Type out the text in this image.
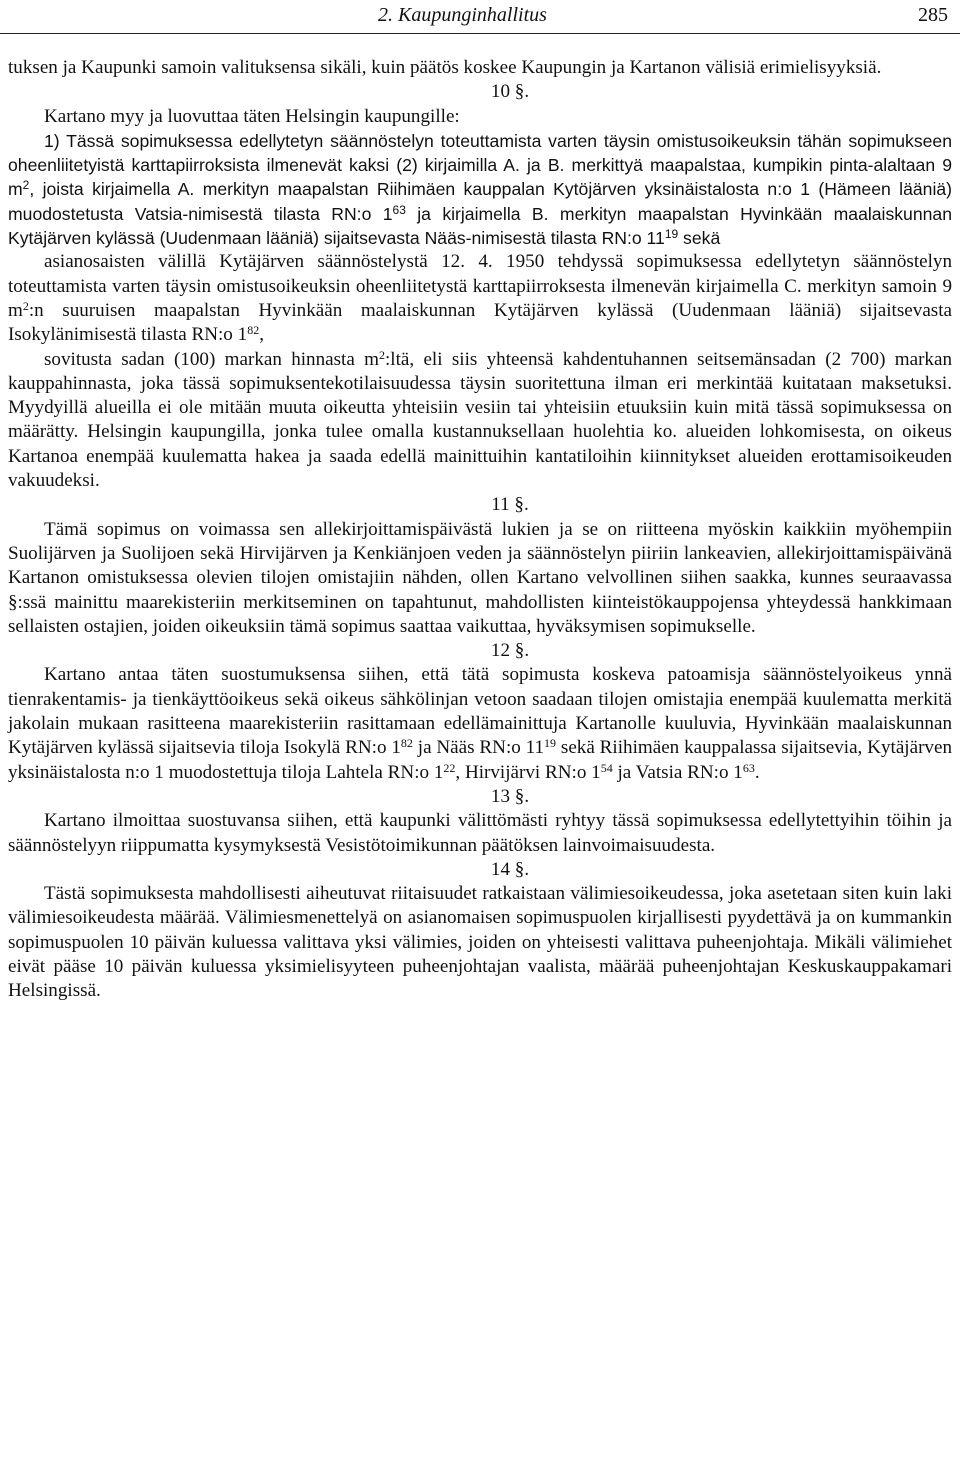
2. Kaupunginhallitus	285

tuksen ja Kaupunki samoin valituksensa sikäli, kuin päätös koskee Kaupungin ja Kartanon välisiä erimielisyyksiä.

10 §.

Kartano myy ja luovuttaa täten Helsingin kaupungille:

1) Tässä sopimuksessa edellytetyn säännöstelyn toteuttamista varten täysin omistusoikeuksin tähän sopimukseen oheenliitetyistä karttapiirroksista ilmenevät kaksi (2) kirjaimilla A. ja B. merkittyä maapalstaa, kumpikin pinta-alaltaan 9 $m^2$, joista kirjaimella A. merkityn maapalstan Riihimäen kauppalan Kytöjärven yksinäistalosta n:o 1 (Hämeen lääniä) muodostetusta Vatsia-nimisestä tilasta RN:o $1^{63}$ ja kirjaimella B. merkityn maapalstan Hyvinkään maalaiskunnan Kytäjärven kylässä (Uudenmaan lääniä) sijaitsevasta Nääs-nimisestä tilasta RN:o $11^{19}$ sekä

asianosaisten välillä Kytäjärven säännöstelystä 12. 4. 1950 tehdyssä sopimuksessa edellytetyn säännöstelyn toteuttamista varten täysin omistusoikeuksin oheenliitetystä karttapiirroksesta ilmenevän kirjaimella C. merkityn samoin 9 $m^2:n$ suuruisen maapalstan Hyvinkään maalaiskunnan Kytäjärven kylässä (Uudenmaan lääniä) sijaitsevasta Isokylänimisestä tilasta RN:o $1^{82}$,

sovitusta sadan (100) markan hinnasta $m^2:ltä$, eli siis yhteensä kahdentuhannen seitsemänsadan (2 700) markan kauppahinnasta, joka tässä sopimuksentekotilaisuudessa täysin suoritettuna ilman eri merkintää kuitataan maksetuksi. Myydyillä alueilla ei ole mitään muuta oikeutta yhteisiin vesiin tai yhteisiin etuuksiin kuin mitä tässä sopimuksessa on määrätty. Helsingin kaupungilla, jonka tulee omalla kustannuksellaan huolehtia ko. alueiden lohkomisesta, on oikeus Kartanoa enempää kuulematta hakea ja saada edellä mainittuihin kantatiloihin kiinnitykset alueiden erottamisoikeuden vakuudeksi.

11 §.

Tämä sopimus on voimassa sen allekirjoittamispäivästä lukien ja se on riitteena myöskin kaikkiin myöhempiin Suolijärven ja Suolijoen sekä Hirvijärven ja Kenkiänjoen veden ja säännöstelyn piiriin lankeavien, allekirjoittamispäivänä Kartanon omistuksessa olevien tilojen omistajiin nähden, ollen Kartano velvollinen siihen saakka, kunnes seuraavassa §:ssä mainittu maarekisteriin merkitseminen on tapahtunut, mahdollisten kiinteistökauppojensa yhteydessä hankkimaan sellaisten ostajien, joiden oikeuksiin tämä sopimus saattaa vaikuttaa, hyväksymisen sopimukselle.

12 §.

Kartano antaa täten suostumuksensa siihen, että tätä sopimusta koskeva patoamisja säännöstelyoikeus ynnä tienrakentamis- ja tienkäyttöoikeus sekä oikeus sähkölinjan vetoon saadaan tilojen omistajia enempää kuulematta merkitä jakolain mukaan rasitteena maarekisteriin rasittamaan edellämainittuja Kartanolle kuuluvia, Hyvinkään maalaiskunnan Kytäjärven kylässä sijaitsevia tiloja Isokylä RN:o $1^{82}$ ja Nääs RN:o $11^{19}$ sekä Riihimäen kauppalassa sijaitsevia, Kytäjärven yksinäistalosta n:o 1 muodostettuja tiloja Lahtela RN:o $1^{22}$, Hirvijärvi RN:o $1^{54}$ ja Vatsia RN:o $1^{63}$.

13 §.

Kartano ilmoittaa suostuvansa siihen, että kaupunki välittömästi ryhtyy tässä sopimuksessa edellytettyihin töihin ja säännöstelyyn riippumatta kysymyksestä Vesistötoimikunnan päätöksen lainvoimaisuudesta.

14 §.

Tästä sopimuksesta mahdollisesti aiheutuvat riitaisuudet ratkaistaan välimiesoikeudessa, joka asetetaan siten kuin laki välimiesoikeudesta määrää. Välimiesmenettelyä on asianomaisen sopimuspuolen kirjallisesti pyydettävä ja on kummankin sopimuspuolen 10 päivän kuluessa valittava yksi välimies, joiden on yhteisesti valittava puheenjohtaja. Mikäli välimiehet eivät pääse 10 päivän kuluessa yksimielisyyteen puheenjohtajan vaalista, määrää puheenjohtajan Keskuskauppakamari Helsingissä.
